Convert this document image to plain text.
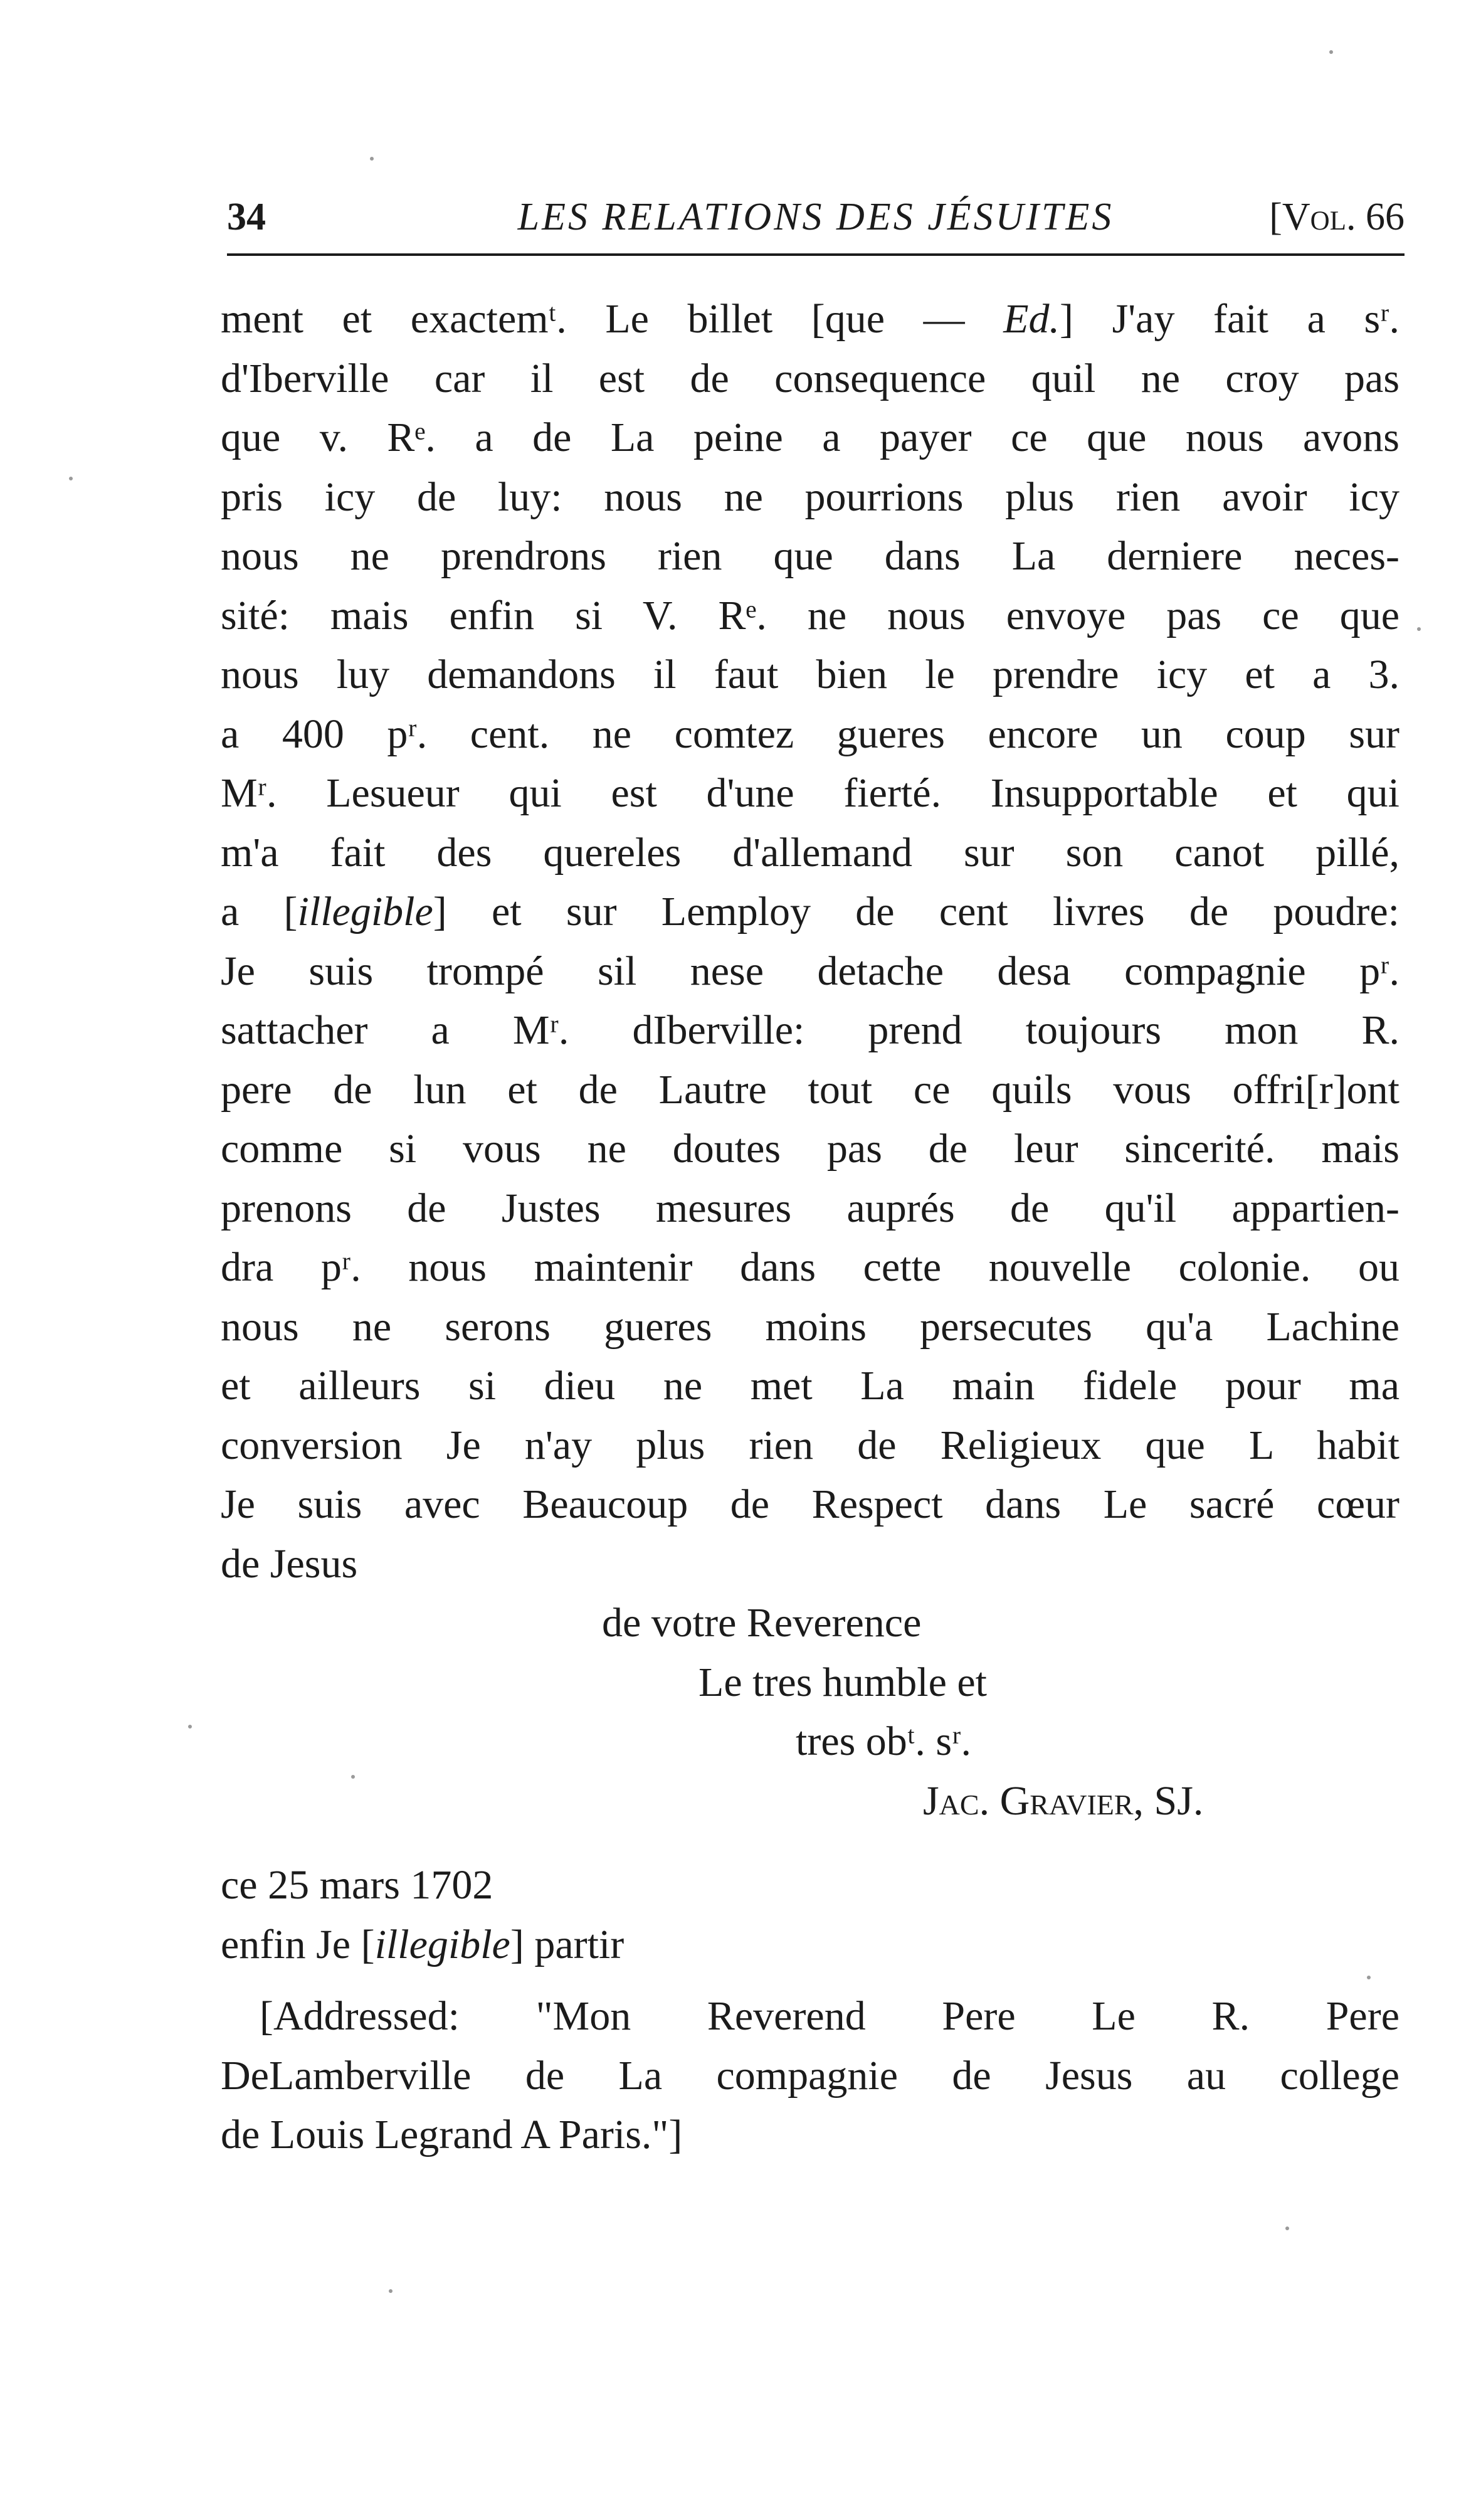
34	LES RELATIONS DES JÉSUITES	[Vol. 66
ment et exactemᵗ. Le billet [que — Ed.] J'ay fait a sʳ.
d'Iberville car il est de consequence quil ne croy pas
que v. Rᵉ. a de La peine a payer ce que nous avons
pris icy de luy: nous ne pourrions plus rien avoir icy
nous ne prendrons rien que dans La derniere neces-
sité: mais enfin si V. Rᵉ. ne nous envoye pas ce que
nous luy demandons il faut bien le prendre icy et a 3.
a 400 pʳ. cent. ne comtez gueres encore un coup sur
Mʳ. Lesueur qui est d'une fierté. Insupportable et qui
m'a fait des quereles d'allemand sur son canot pillé,
a [illegible] et sur Lemploy de cent livres de poudre:
Je suis trompé sil nese detache desa compagnie pʳ.
sattacher a Mʳ. dIberville: prend toujours mon R.
pere de lun et de Lautre tout ce quils vous offri[r]ont
comme si vous ne doutes pas de leur sincerité. mais
prenons de Justes mesures auprés de qu'il appartien-
dra pʳ. nous maintenir dans cette nouvelle colonie. ou
nous ne serons gueres moins persecutes qu'a Lachine
et ailleurs si dieu ne met La main fidele pour ma
conversion Je n'ay plus rien de Religieux que L habit
Je suis avec Beaucoup de Respect dans Le sacré cœur
de Jesus
de votre Reverence
Le tres humble et
tres obᵗ. sʳ.
Jac. Gravier, SJ.
ce 25 mars 1702
enfin Je [illegible] partir
[Addressed: "Mon Reverend Pere Le R. Pere
DeLamberville de La compagnie de Jesus au college
de Louis Legrand A Paris."]
